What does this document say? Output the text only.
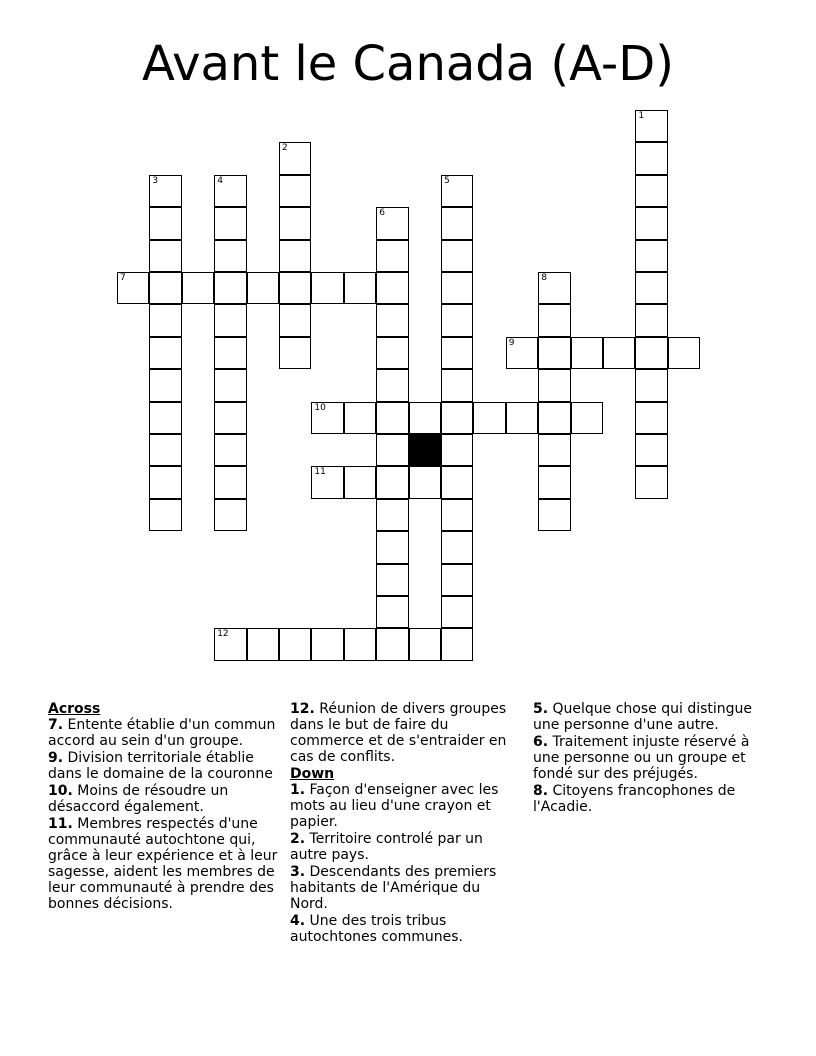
Avant le Canada (A-D)
1
2
3	4	5
6
8
7
9
10
11
12
Across
7. Entente établie d'un commun accord au sein d'un groupe.
9. Division territoriale établie dans le domaine de la couronne
10. Moins de résoudre un désaccord également.
11. Membres respectés d'une communauté autochtone qui, grâce à leur expérience et à leur sagesse, aident les membres de leur communauté à prendre des bonnes décisions.
12. Réunion de divers groupes dans le but de faire du commerce et de s'entraider en cas de conflits.
Down
1. Façon d'enseigner avec les mots au lieu d'une crayon et papier.
2. Territoire controlé par un autre pays.
3. Descendants des premiers habitants de l'Amérique du Nord.
4. Une des trois tribus autochtones communes.
5. Quelque chose qui distingue une personne d'une autre.
6. Traitement injuste réservé à une personne ou un groupe et fondé sur des préjugés.
8. Citoyens francophones de l'Acadie.
